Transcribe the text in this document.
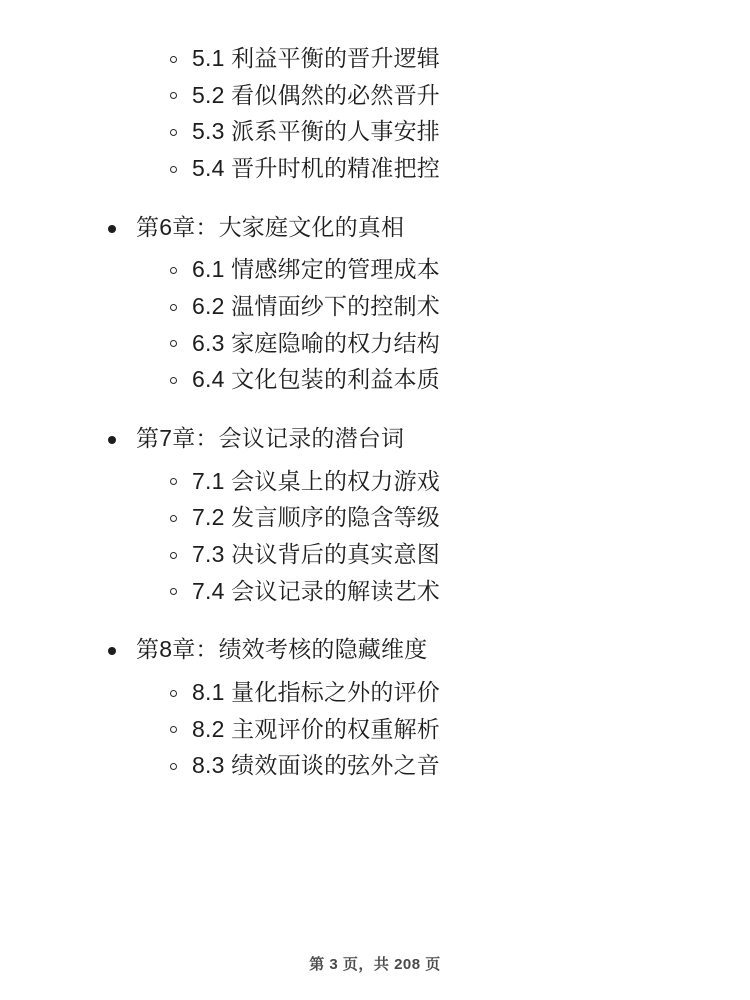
5.1 利益平衡的晋升逻辑
5.2 看似偶然的必然晋升
5.3 派系平衡的人事安排
5.4 晋升时机的精准把控
第6章：大家庭文化的真相
6.1 情感绑定的管理成本
6.2 温情面纱下的控制术
6.3 家庭隐喻的权力结构
6.4 文化包装的利益本质
第7章：会议记录的潜台词
7.1 会议桌上的权力游戏
7.2 发言顺序的隐含等级
7.3 决议背后的真实意图
7.4 会议记录的解读艺术
第8章：绩效考核的隐藏维度
8.1 量化指标之外的评价
8.2 主观评价的权重解析
8.3 绩效面谈的弦外之音
第 3 页，共 208 页
